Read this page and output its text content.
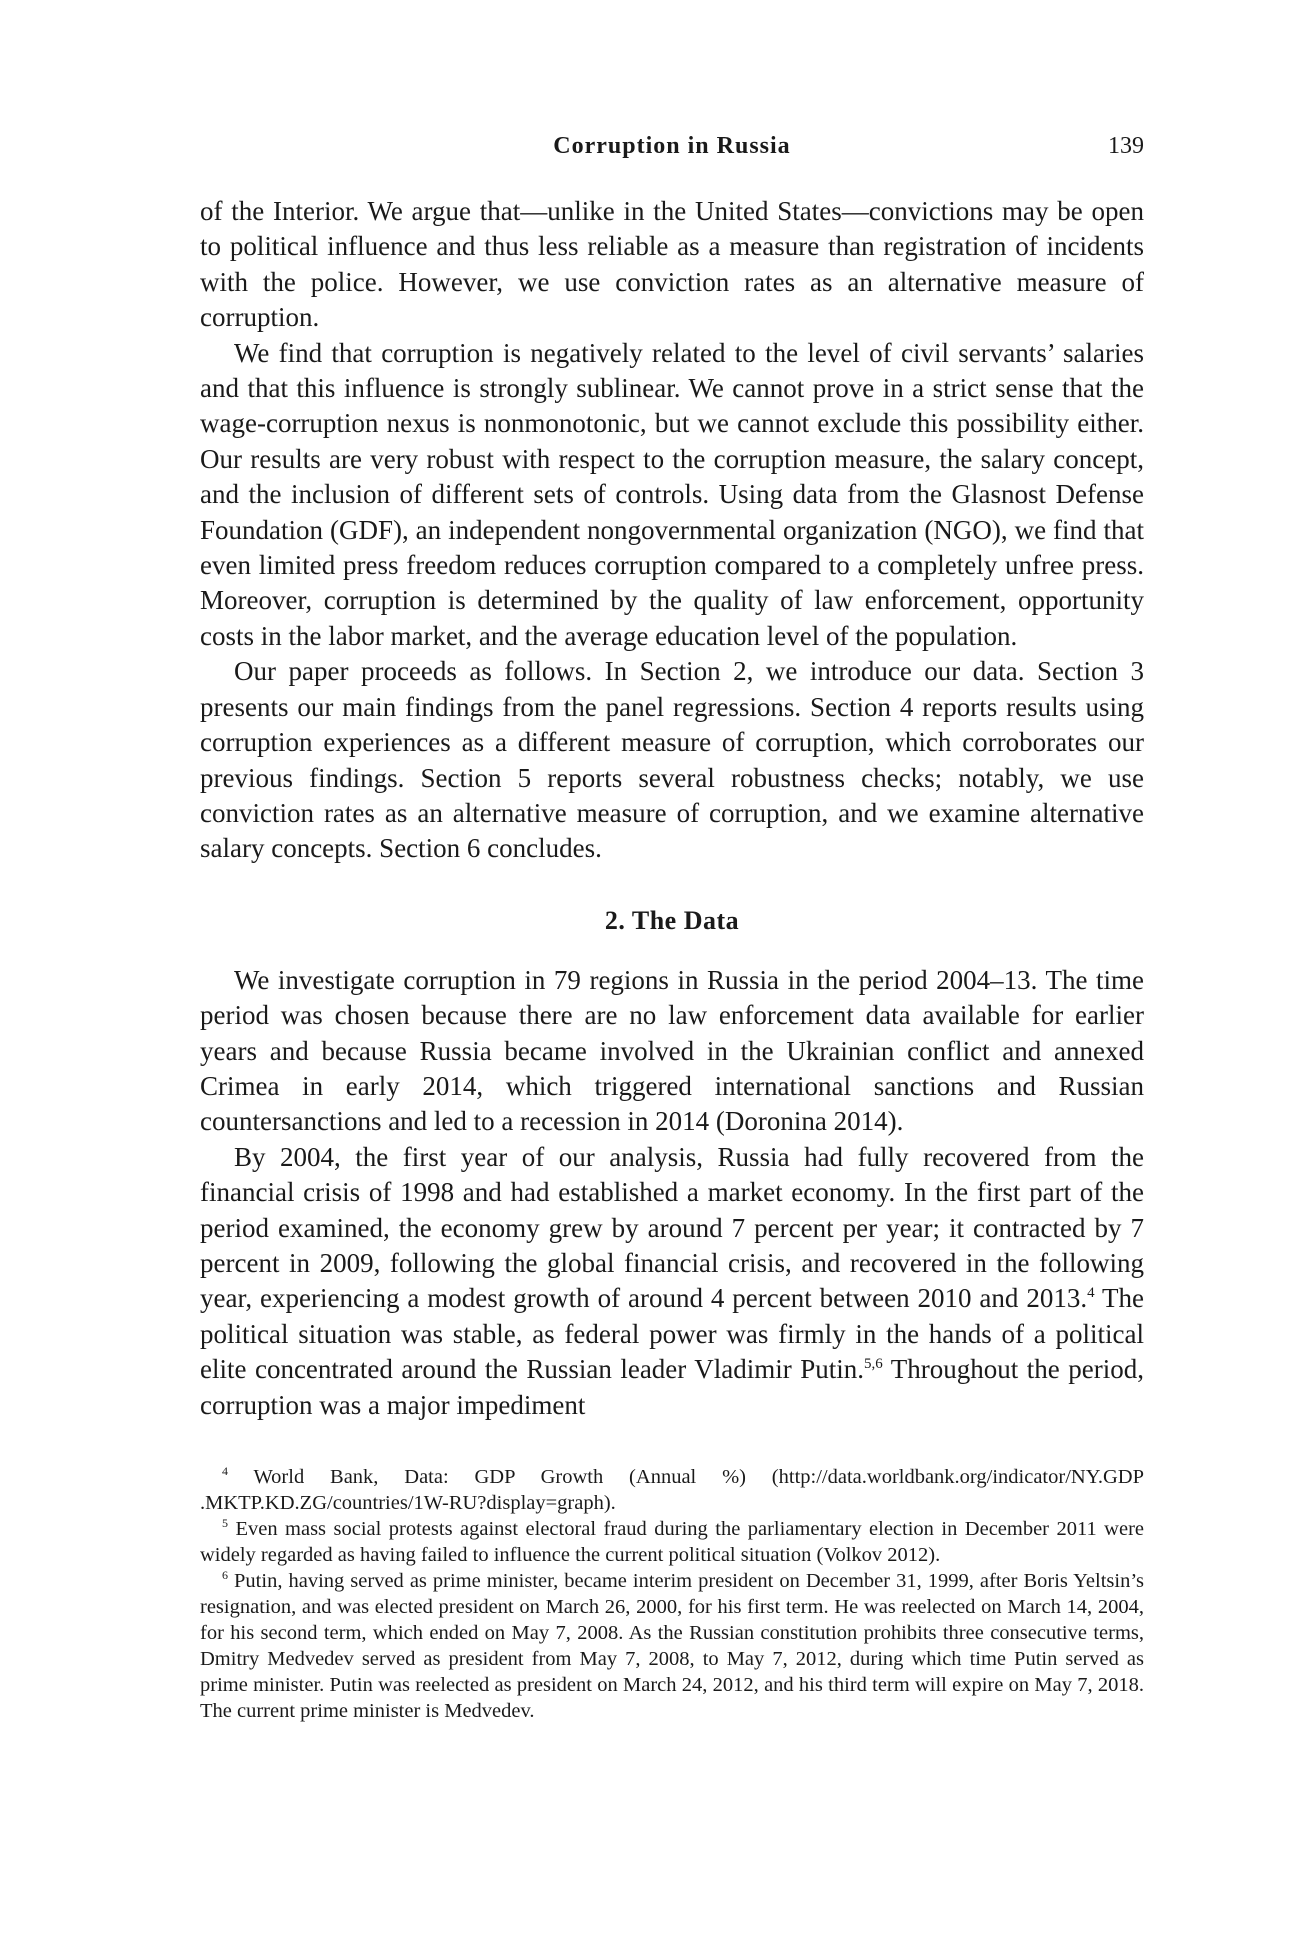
Corruption in Russia	139

of the Interior. We argue that—unlike in the United States—convictions may be open to political influence and thus less reliable as a measure than registration of incidents with the police. However, we use conviction rates as an alternative measure of corruption.

We find that corruption is negatively related to the level of civil servants’ salaries and that this influence is strongly sublinear. We cannot prove in a strict sense that the wage-corruption nexus is nonmonotonic, but we cannot exclude this possibility either. Our results are very robust with respect to the corruption measure, the salary concept, and the inclusion of different sets of controls. Using data from the Glasnost Defense Foundation (GDF), an independent nongovernmental organization (NGO), we find that even limited press freedom reduces corruption compared to a completely unfree press. Moreover, corruption is determined by the quality of law enforcement, opportunity costs in the labor market, and the average education level of the population.

Our paper proceeds as follows. In Section 2, we introduce our data. Section 3 presents our main findings from the panel regressions. Section 4 reports results using corruption experiences as a different measure of corruption, which corroborates our previous findings. Section 5 reports several robustness checks; notably, we use conviction rates as an alternative measure of corruption, and we examine alternative salary concepts. Section 6 concludes.

2. The Data

We investigate corruption in 79 regions in Russia in the period 2004–13. The time period was chosen because there are no law enforcement data available for earlier years and because Russia became involved in the Ukrainian conflict and annexed Crimea in early 2014, which triggered international sanctions and Russian countersanctions and led to a recession in 2014 (Doronina 2014).

By 2004, the first year of our analysis, Russia had fully recovered from the financial crisis of 1998 and had established a market economy. In the first part of the period examined, the economy grew by around 7 percent per year; it contracted by 7 percent in 2009, following the global financial crisis, and recovered in the following year, experiencing a modest growth of around 4 percent between 2010 and 2013.$^4$ The political situation was stable, as federal power was firmly in the hands of a political elite concentrated around the Russian leader Vladimir Putin.$^{5,6}$ Throughout the period, corruption was a major impediment

$^4$ World Bank, Data: GDP Growth (Annual %) (http://data.worldbank.org/indicator/NY.GDP .MKTP.KD.ZG/countries/1W-RU?display=graph).

$^5$ Even mass social protests against electoral fraud during the parliamentary election in December 2011 were widely regarded as having failed to influence the current political situation (Volkov 2012).

$^6$ Putin, having served as prime minister, became interim president on December 31, 1999, after Boris Yeltsin’s resignation, and was elected president on March 26, 2000, for his first term. He was reelected on March 14, 2004, for his second term, which ended on May 7, 2008. As the Russian constitution prohibits three consecutive terms, Dmitry Medvedev served as president from May 7, 2008, to May 7, 2012, during which time Putin served as prime minister. Putin was reelected as president on March 24, 2012, and his third term will expire on May 7, 2018. The current prime minister is Medvedev.
